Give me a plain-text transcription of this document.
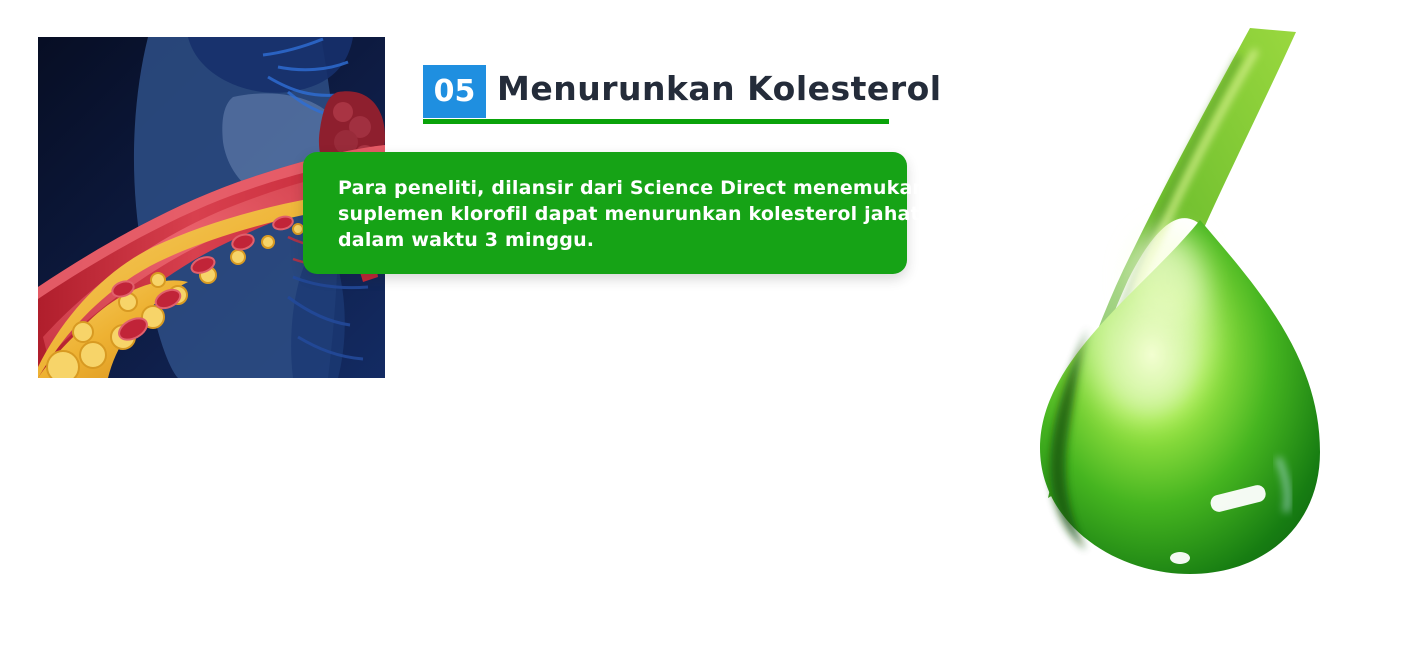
05 Menurunkan Kolesterol
Para peneliti, dilansir dari Science Direct menemukan bahwa
suplemen klorofil dapat menurunkan kolesterol jahat LDL
dalam waktu 3 minggu.
